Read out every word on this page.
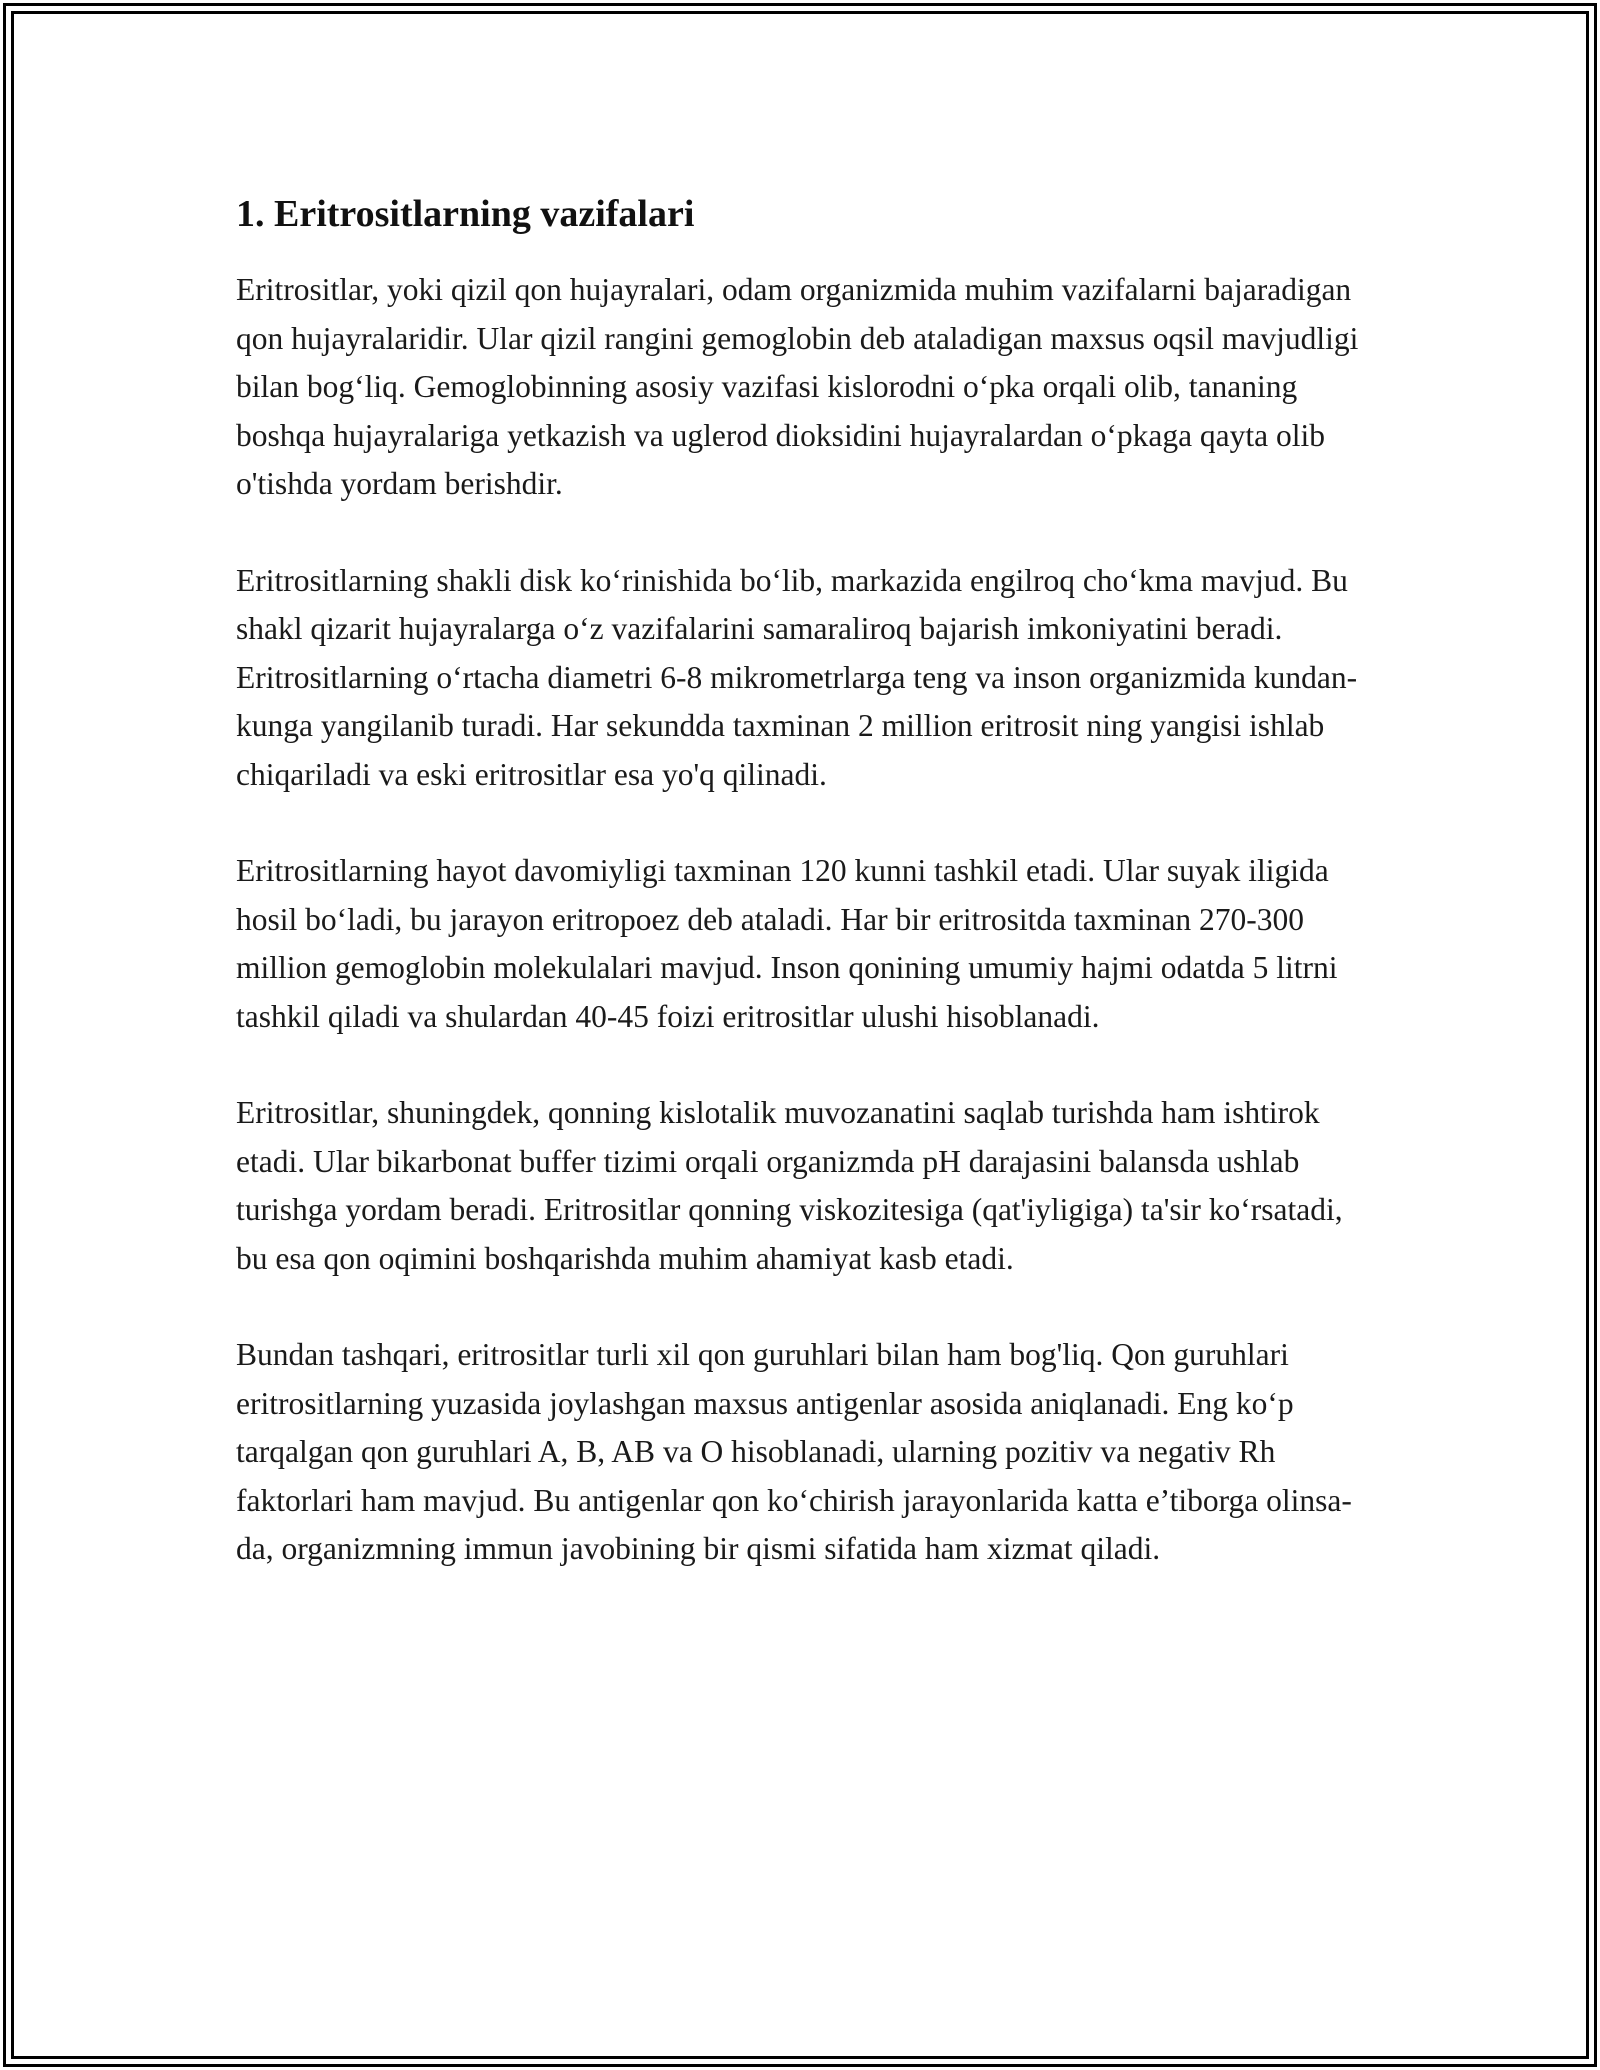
1. Eritrositlarning vazifalari

Eritrositlar, yoki qizil qon hujayralari, odam organizmida muhim vazifalarni bajaradigan qon hujayralaridir. Ular qizil rangini gemoglobin deb ataladigan maxsus oqsil mavjudligi bilan bog‘liq. Gemoglobinning asosiy vazifasi kislorodni o‘pka orqali olib, tananing boshqa hujayralariga yetkazish va uglerod dioksidini hujayralardan o‘pkaga qayta olib o'tishda yordam berishdir.

Eritrositlarning shakli disk ko‘rinishida bo‘lib, markazida engilroq cho‘kma mavjud. Bu shakl qizarit hujayralarga o‘z vazifalarini samaraliroq bajarish imkoniyatini beradi. Eritrositlarning o‘rtacha diametri 6-8 mikrometrlarga teng va inson organizmida kundan-kunga yangilanib turadi. Har sekundda taxminan 2 million eritrosit ning yangisi ishlab chiqariladi va eski eritrositlar esa yo'q qilinadi.

Eritrositlarning hayot davomiyligi taxminan 120 kunni tashkil etadi. Ular suyak iligida hosil bo‘ladi, bu jarayon eritropoez deb ataladi. Har bir eritrositda taxminan 270-300 million gemoglobin molekulalari mavjud. Inson qonining umumiy hajmi odatda 5 litrni tashkil qiladi va shulardan 40-45 foizi eritrositlar ulushi hisoblanadi.

Eritrositlar, shuningdek, qonning kislotalik muvozanatini saqlab turishda ham ishtirok etadi. Ular bikarbonat buffer tizimi orqali organizmda pH darajasini balansda ushlab turishga yordam beradi. Eritrositlar qonning viskozitesiga (qat'iyligiga) ta'sir ko‘rsatadi, bu esa qon oqimini boshqarishda muhim ahamiyat kasb etadi.

Bundan tashqari, eritrositlar turli xil qon guruhlari bilan ham bog'liq. Qon guruhlari eritrositlarning yuzasida joylashgan maxsus antigenlar asosida aniqlanadi. Eng ko‘p tarqalgan qon guruhlari A, B, AB va O hisoblanadi, ularning pozitiv va negativ Rh faktorlari ham mavjud. Bu antigenlar qon ko‘chirish jarayonlarida katta e’tiborga olinsa-da, organizmning immun javobining bir qismi sifatida ham xizmat qiladi.
